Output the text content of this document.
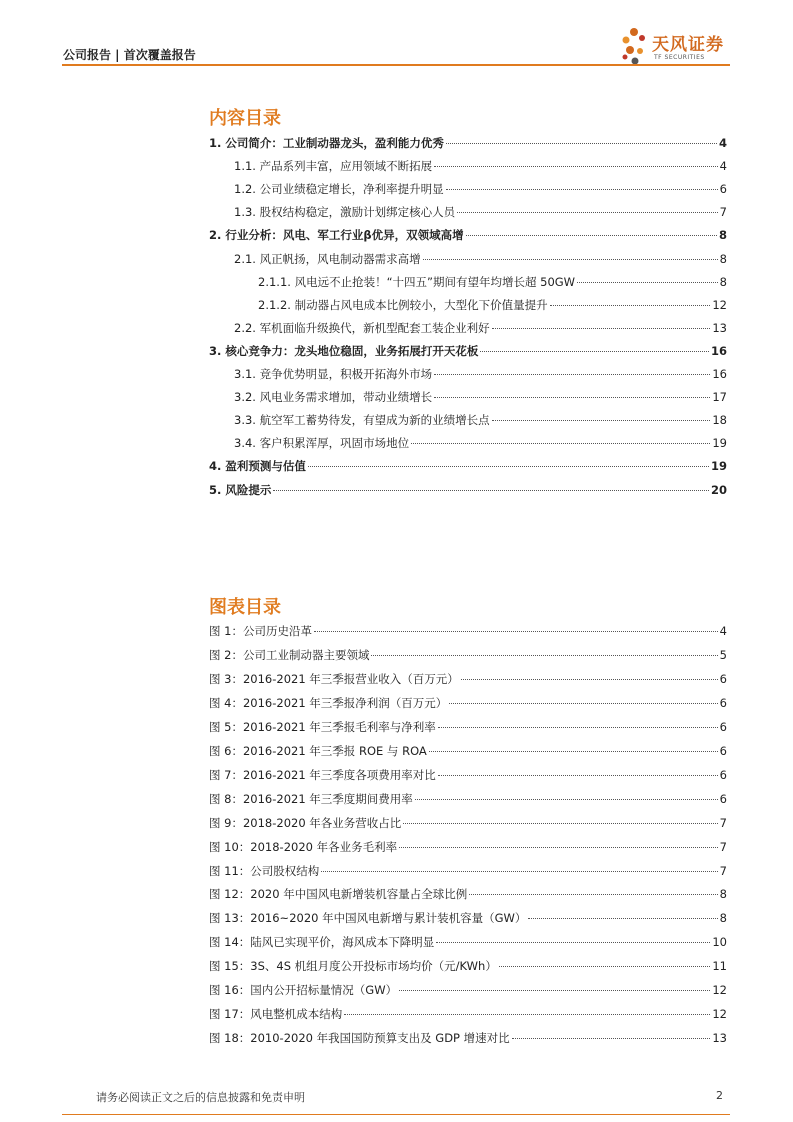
公司报告 | 首次覆盖报告	天风证券
TF SECURITIES
内容目录
1. 公司简介：工业制动器龙头，盈利能力优秀	4
1.1. 产品系列丰富，应用领域不断拓展	4
1.2. 公司业绩稳定增长，净利率提升明显	6
1.3. 股权结构稳定，激励计划绑定核心人员	7
2. 行业分析：风电、军工行业β优异，双领域高增	8
2.1. 风正帆扬，风电制动器需求高增	8
2.1.1. 风电远不止抢装！“十四五”期间有望年均增长超 50GW	8
2.1.2. 制动器占风电成本比例较小，大型化下价值量提升	12
2.2. 军机面临升级换代，新机型配套工装企业利好	13
3. 核心竞争力：龙头地位稳固，业务拓展打开天花板	16
3.1. 竞争优势明显，积极开拓海外市场	16
3.2. 风电业务需求增加，带动业绩增长	17
3.3. 航空军工蓄势待发，有望成为新的业绩增长点	18
3.4. 客户积累浑厚，巩固市场地位	19
4. 盈利预测与估值	19
5. 风险提示	20
图表目录
图 1：公司历史沿革	4
图 2：公司工业制动器主要领域	5
图 3：2016-2021 年三季报营业收入（百万元）	6
图 4：2016-2021 年三季报净利润（百万元）	6
图 5：2016-2021 年三季报毛利率与净利率	6
图 6：2016-2021 年三季报 ROE 与 ROA	6
图 7：2016-2021 年三季度各项费用率对比	6
图 8：2016-2021 年三季度期间费用率	6
图 9：2018-2020 年各业务营收占比	7
图 10：2018-2020 年各业务毛利率	7
图 11：公司股权结构	7
图 12：2020 年中国风电新增装机容量占全球比例	8
图 13：2016~2020 年中国风电新增与累计装机容量（GW）	8
图 14：陆风已实现平价，海风成本下降明显	10
图 15：3S、4S 机组月度公开投标市场均价（元/KWh）	11
图 16：国内公开招标量情况（GW）	12
图 17：风电整机成本结构	12
图 18：2010-2020 年我国国防预算支出及 GDP 增速对比	13
请务必阅读正文之后的信息披露和免责申明	2
